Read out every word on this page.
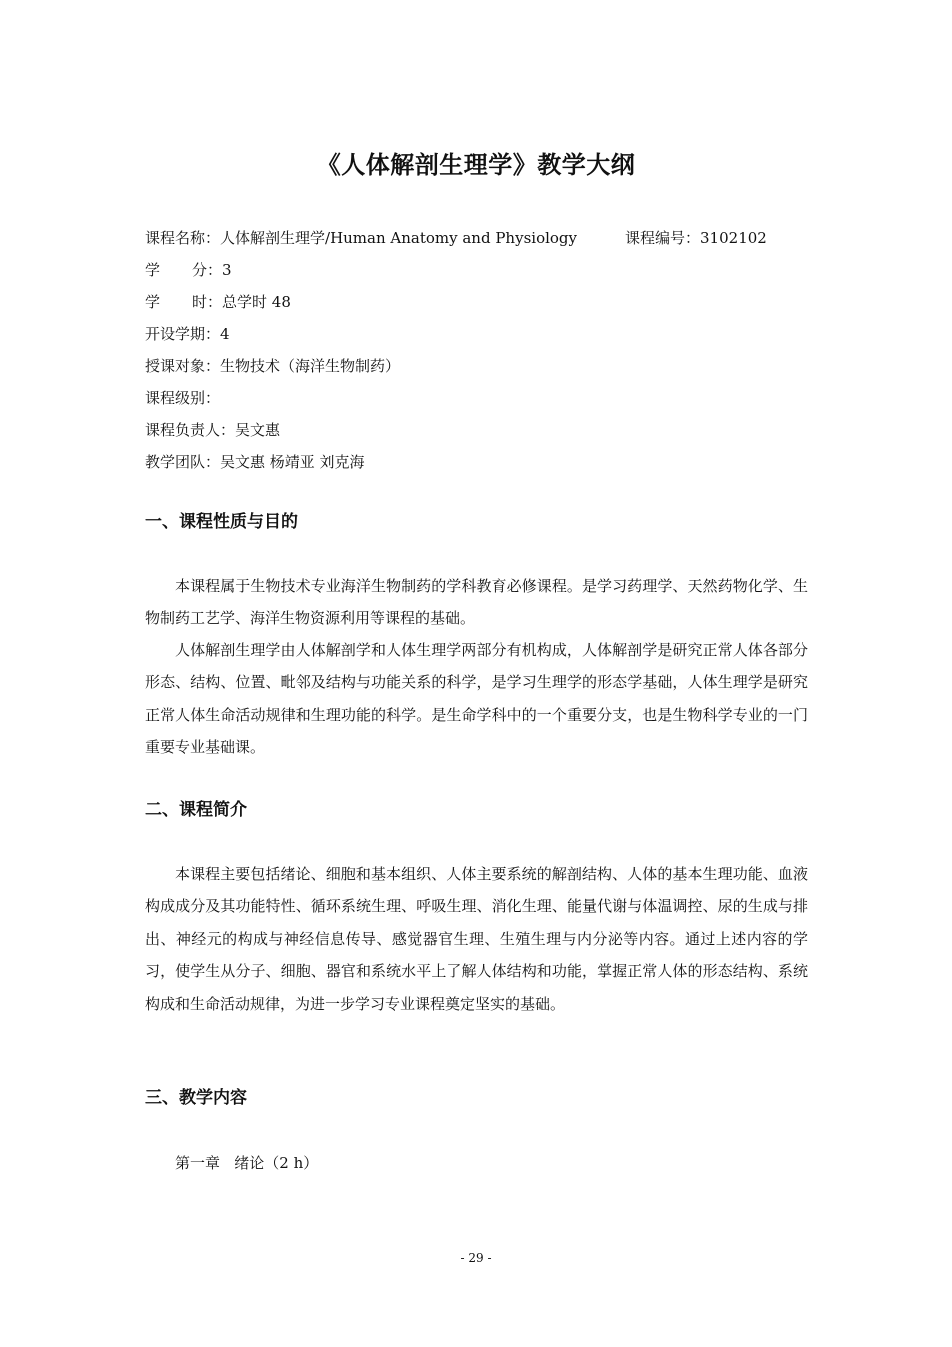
《人体解剖生理学》教学大纲
课程名称：人体解剖生理学/Human Anatomy and Physiology	课程编号：3102102
学分：3
学时：总学时 48
开设学期：4
授课对象：生物技术（海洋生物制药）
课程级别：
课程负责人：吴文惠
教学团队：吴文惠 杨靖亚 刘克海
一、课程性质与目的

本课程属于生物技术专业海洋生物制药的学科教育必修课程。是学习药理学、天然药物化学、生物制药工艺学、海洋生物资源利用等课程的基础。

人体解剖生理学由人体解剖学和人体生理学两部分有机构成，人体解剖学是研究正常人体各部分形态、结构、位置、毗邻及结构与功能关系的科学，是学习生理学的形态学基础，人体生理学是研究正常人体生命活动规律和生理功能的科学。是生命学科中的一个重要分支，也是生物科学专业的一门重要专业基础课。

二、课程简介

本课程主要包括绪论、细胞和基本组织、人体主要系统的解剖结构、人体的基本生理功能、血液构成成分及其功能特性、循环系统生理、呼吸生理、消化生理、能量代谢与体温调控、尿的生成与排出、神经元的构成与神经信息传导、感觉器官生理、生殖生理与内分泌等内容。通过上述内容的学习，使学生从分子、细胞、器官和系统水平上了解人体结构和功能，掌握正常人体的形态结构、系统构成和生命活动规律，为进一步学习专业课程奠定坚实的基础。

三、教学内容
第一章   绪论（2 h）
- 29 -
